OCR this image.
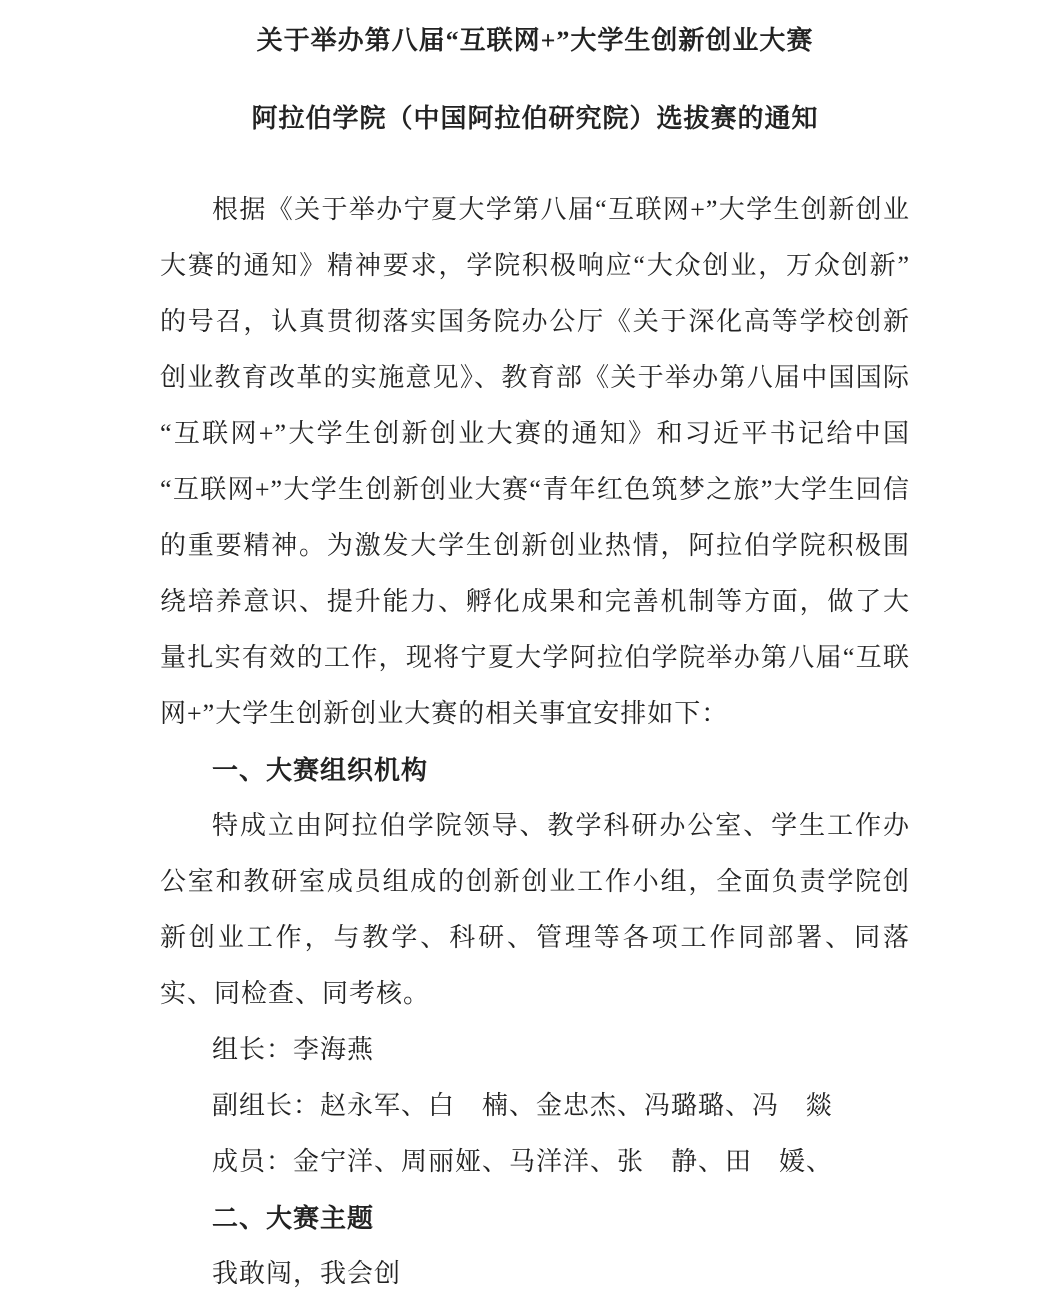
关于举办第八届“互联网+”大学生创新创业大赛
阿拉伯学院（中国阿拉伯研究院）选拔赛的通知

根据《关于举办宁夏大学第八届“互联网+”大学生创新创业大赛的通知》精神要求，学院积极响应“大众创业，万众创新”的号召，认真贯彻落实国务院办公厅《关于深化高等学校创新创业教育改革的实施意见》、教育部《关于举办第八届中国国际“互联网+”大学生创新创业大赛的通知》和习近平书记给中国“互联网+”大学生创新创业大赛“青年红色筑梦之旅”大学生回信的重要精神。为激发大学生创新创业热情，阿拉伯学院积极围绕培养意识、提升能力、孵化成果和完善机制等方面，做了大量扎实有效的工作，现将宁夏大学阿拉伯学院举办第八届“互联网+”大学生创新创业大赛的相关事宜安排如下：

一、大赛组织机构

特成立由阿拉伯学院领导、教学科研办公室、学生工作办公室和教研室成员组成的创新创业工作小组，全面负责学院创新创业工作，与教学、科研、管理等各项工作同部署、同落实、同检查、同考核。

组长：李海燕

副组长：赵永军、白　楠、金忠杰、冯璐璐、冯　燚

成员：金宁洋、周丽娅、马洋洋、张　静、田　媛、

二、大赛主题

我敢闯，我会创
